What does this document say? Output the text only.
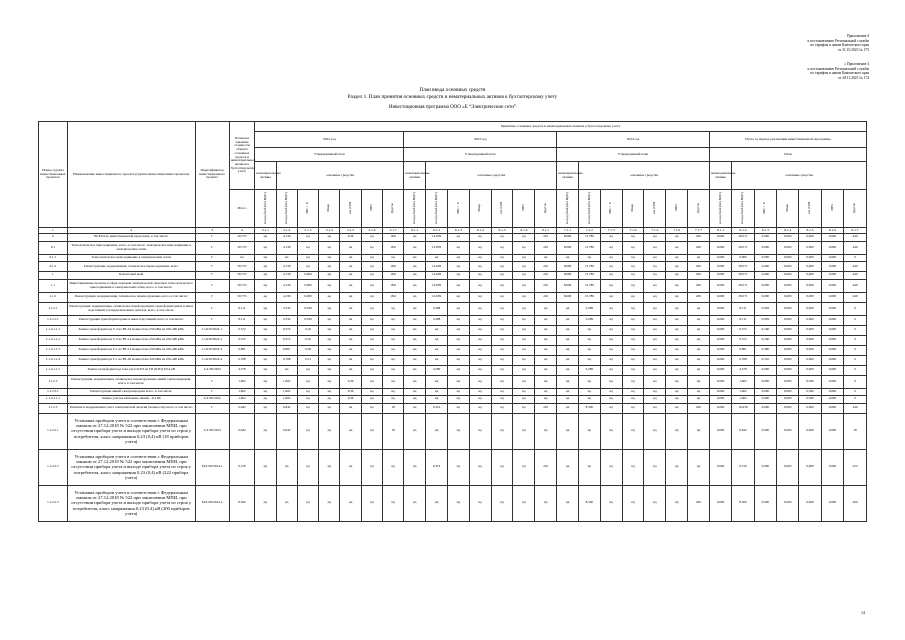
Приложение 4
к постановлению Региональной службы
по тарифам и ценам Камчатского края
от 31.10.2023 № 175
« Приложение 4
к постановлению Региональной службы
по тарифам и ценам Камчатского края
от 28.11.2023 № 174
План ввода основных средств
Раздел 1. План принятия основных средств и нематериальных активов к бухгалтерскому учету
Инвестиционная программа ООО «Е “Электрические сети”
Номер группы инвестиционных проектов	Наименование инвестиционного проекта (группы инвестиционных проектов)	Идентификатор инвестиционного проекта	Плановое значение стоимости объекта основных средств и нематериальных активов к бухгалтерскому учету	Принятие основных средств и нематериальных активов к бухгалтерскому учету																											
				2022 год							2023 год							2024 год							Итого за период реализации инвестиционной программы						
				Утвержденный план							Утвержденный план							Утвержденный план							План						
				нематериальные активы	основные средства						нематериальные активы	основные средства						нематериальные активы	основные средства						нематериальные активы	основные средства					
			Итого	млн рублей (без НДС)	млн рублей (без НДС)	МВ×А	Мвар	км ЛЭП	МВт	Другое	млн рублей (без НДС)	млн рублей (без НДС)	МВ×А	Мвар	км ЛЭП	МВт	Другое	млн рублей (без НДС)	млн рублей (без НДС)	МВ×А	Мвар	км ЛЭП	МВт	Другое	млн рублей (без НДС)	млн рублей (без НДС)	МВ×А	Мвар	км ЛЭП	МВт	Другое
1	2	3	4	5.1.1	5.1.2	5.1.3	5.1.4	5.1.5	5.1.6	5.1.7	6.1.1	6.1.2	6.1.3	6.1.4	6.1.5	6.1.6	6.1.7	7.1.1	7.1.2	7.1.3	7.1.4	7.1.5	7.1.6	7.1.7	8.1.1	8.1.2	8.1.3	8.1.4	8.1.5	8.1.6	8.1.7
0	ВСЕГО по инвестиционной программе, в том числе:	Г	30,755	нд	4,136	нд	нд	0,36	нд	18,0	нд	12,609	нд	нд	нд	нд	222	8,000	15,789	нд	нд	нд	нд	200	0,000	28,571	0,000	0,000	0,000	0,000	440
0.1	Технологическое присоединение, всего, в том числе: электрическое присоединение к электрическим сетям	Г	30,755	нд	4,136	нд	нд	нд	нд	18,0	нд	12,609	нд	нд	нд	нд	222	8,000	15,789	нд	нд	нд	нд	200	0,000	28,571	0,000	0,000	0,000	0,000	440
0.1.1	Технологическое присоединение к электрическим сетям	Г	нд	нд	нд	нд	нд	нд	нд	нд	нд	нд	нд	нд	нд	нд	нд	нд	нд	нд	нд	нд	нд	нд	0,000	0,000	0,000	0,000	0,000	0,000	0
0.1.2	Реконструкция, модернизация, техническое перевооружение, всего	Г	30,755	нд	4,136	нд	нд	нд	нд	18,0	нд	12,609	нд	нд	нд	нд	222	8,000	15,789	нд	нд	нд	нд	200	0,000	28,571	0,000	0,000	0,000	0,000	440
1	Камчатский край	Г	30,755	нд	4,136	0,000	нд	нд	нд	18,0	нд	12,609	нд	нд	нд	нд	222	8,000	15,789	нд	нд	нд	нд	200	0,000	28,571	0,000	0,000	0,000	0,000	440
1.1	Инвестиционные проекты в сфере передачи электрической энергии и технологического присоединения к электрическим сетям, всего, в том числе:	Г	30,755	нд	4,136	0,000	нд	нд	нд	18,0	нд	12,609	нд	нд	нд	нд	222	8,000	15,789	нд	нд	нд	нд	200	0,000	28,571	0,000	0,000	0,000	0,000	440
1.1.2	Реконструкция, модернизация, техническое перевооружение, всего, в том числе:	Г	30,755	нд	4,136	0,000	нд	нд	нд	18,0	нд	12,609	нд	нд	нд	нд	222	8,000	15,789	нд	нд	нд	нд	200	0,000	28,571	0,000	0,000	0,000	0,000	440
1.1.2.1	Реконструкция, модернизация, техническое перевооружение трансформаторных и иных подстанций, распределительных пунктов, всего, в том числе:	Г	8,111	нд	2,534	0,939	нд	нд	нд	нд	нд	3,288	нд	нд	нд	нд	нд	нд	3,289	нд	нд	нд	нд	нд	0,000	8,111	0,939	0,000	0,000	0,000	0
1.1.2.1.1	Реконструкция трансформаторных и иных подстанций, всего, в том числе:	Г	8,111	нд	2,534	0,939	нд	нд	нд	нд	нд	3,288	нд	нд	нд	нд	нд	нд	3,289	нд	нд	нд	нд	нд	0,000	8,111	0,939	0,000	0,000	0,000	0
1.1.2.1.1.1	Замена трансформатора Т-2 на ВТ-16 мощностью 250 кВА на 250-400 кВА	L/4150/2022-1	0,572	нд	0,572	0,16	нд	нд	нд	нд	нд	нд	нд	нд	нд	нд	нд	нд	нд	нд	нд	нд	нд	нд	0,000	0,572	0,160	0,000	0,000	0,000	0
1.1.2.1.1.2	Замена трансформатора Т-2 на ВТ-14 мощностью 250 кВА на 250-400 кВА	L/4150/2022-2	0,572	нд	0,572	0,16	нд	нд	нд	нд	нд	нд	нд	нд	нд	нд	нд	нд	нд	нд	нд	нд	нд	нд	0,000	0,572	0,160	0,000	0,000	0,000	0
1.1.2.1.1.3	Замена трансформатора Т-1 на ВТ-12 мощностью 250 кВА на 250-400 кВА	L/4150/2022-3	0,861	нд	0,861	0,38	нд	нд	нд	нд	нд	нд	нд	нд	нд	нд	нд	нд	нд	нд	нд	нд	нд	нд	0,000	0,861	0,380	0,000	0,000	0,000	0
1.1.2.1.1.4	Замена трансформатора Т-1 на ВТ-02 мощностью 320 кВА на 250-400 кВА	L/4150/2022-4	0,708	нд	0,708	0,51	нд	нд	нд	нд	нд	нд	нд	нд	нд	нд	нд	нд	нд	нд	нд	нд	нд	нд	0,000	0,708	0,510	0,000	0,000	0,000	0
1.1.2.1.1.5	Замена трансформатора тока учета КТП на ТП (КТП) 6/0,4 кВ	L/4150/2023	4,578	нд	нд	нд	нд	нд	нд	нд	нд	3,289	нд	нд	нд	нд	нд	нд	3,289	нд	нд	нд	нд	нд	0,000	4,578	0,000	0,000	0,000	0,000	0
1.1.2.3	Реконструкция, модернизация, техническое перевооружение линий электропередачи, всего, в том числе:	Г	1,602	нд	1,602	нд	нд	0,36	нд	нд	нд	нд	нд	нд	нд	нд	нд	нд	нд	нд	нд	нд	нд	нд	0,000	1,602	0,000	0,000	0,360	0,000	0
1.1.2.3.1	Реконструкция линий электропередачи всего, в том числе:	Г	1,602	нд	1,602	нд	нд	0,36	нд	нд	нд	нд	нд	нд	нд	нд	нд	нд	нд	нд	нд	нд	нд	нд	0,000	1,602	0,000	0,000	0,360	0,000	0
1.1.2.3.1.1	Замена участка кабельных линий – 0,4 кВ	L/4150/2022	1,602	нд	1,602	нд	нд	0,36	нд	нд	нд	нд	нд	нд	нд	нд	нд	нд	нд	нд	нд	нд	нд	нд	0,000	1,602	0,000	0,000	0,360	0,000	0
1.1.2.5	Развитие и модернизация учета электрической энергии (мощности), всего, в том числе:	Г	0,642	нд	0,642	нд	нд	нд	нд	18	нд	9,316	нд	нд	нд	нд	222	нд	8,500	нд	нд	нд	нд	200	0,000	18,458	0,000	0,000	0,000	0,000	440
1.1.2.5.1	Установка приборов учета в соответствии с Федеральным законом от 27.12.2018 № 522 при заключении МПИ, при отсутствии прибора учета и выходе прибора учета из строя у потребителя, класс напряжения 0,23 (0,4) кВ (18 приборов учета)	L/4150/2024	0,642	нд	0,642	нд	нд	нд	нд	18	нд	нд	нд	нд	нд	нд	нд	нд	нд	нд	нд	нд	нд	нд	0,000	0,642	0,000	0,000	0,000	0,000	18
1.1.2.5.2	Установка приборов учета в соответствии с Федеральным законом от 27.12.2018 № 522 при заключении МПИ, при отсутствии прибора учета и выходе прибора учета из строя у потребителя, класс напряжения 0,23 (0,4) кВ (222 прибора учета)	М/4150/2024-1	9,316	нд	нд	нд	нд	нд	нд	нд	нд	9,316	нд	нд	нд	нд	222	нд	нд	нд	нд	нд	нд	нд	0,000	9,316	0,000	0,000	0,000	0,000	222
1.1.2.5.3	Установка приборов учета в соответствии с Федеральным законом от 27.12.2018 № 522 при заключении МПИ, при отсутствии прибора учета и выходе прибора учета из строя у потребителя, класс напряжения 0,23 (0,4) кВ (200 приборов учета)	М/4150/2024-2	8,500	нд	нд	нд	нд	нд	нд	нд	нд	нд	нд	нд	нд	нд	нд	нд	8,500	нд	нд	нд	нд	200	0,000	8,500	0,000	0,000	0,000	0,000	200
14
